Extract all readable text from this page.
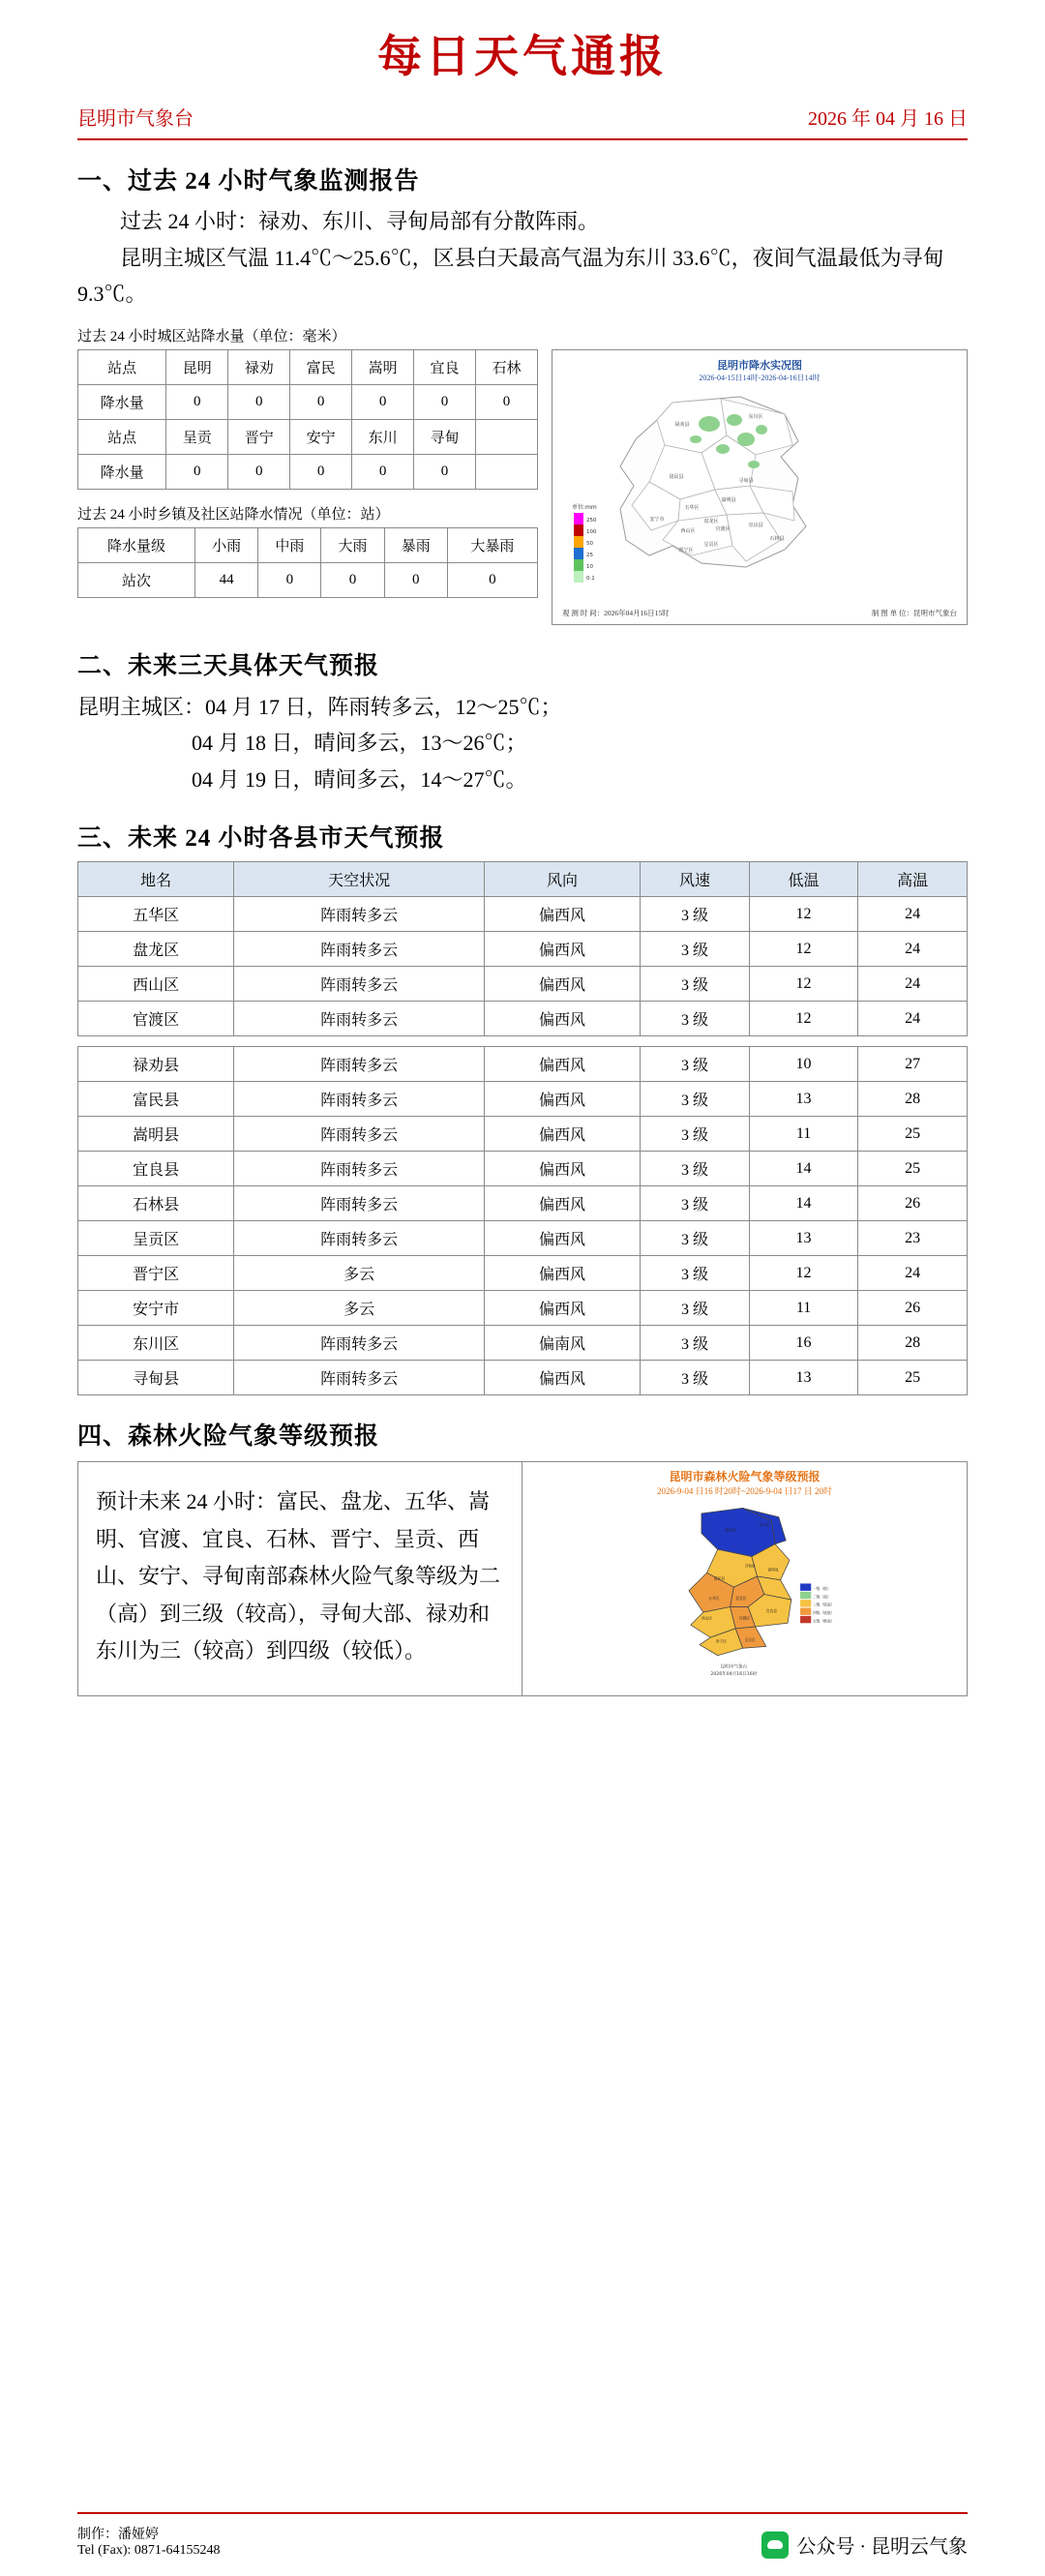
每日天气通报
昆明市气象台	2026 年 04 月 16 日
一、过去 24 小时气象监测报告

过去 24 小时：禄劝、东川、寻甸局部有分散阵雨。

昆明主城区气温 11.4℃～25.6℃，区县白天最高气温为东川 33.6℃，夜间气温最低为寻甸 9.3℃。

过去 24 小时城区站降水量（单位：毫米）
站点	昆明	禄劝	富民	嵩明	宜良	石林
降水量	0	0	0	0	0	0
站点	呈贡	晋宁	安宁	东川	寻甸	
降水量	0	0	0	0	0	
过去 24 小时乡镇及社区站降水情况（单位：站）
降水量级	小雨	中雨	大雨	暴雨	大暴雨
站次	44	0	0	0	0
昆明市降水实况图
2026-04-15日14时-2026-04-16日14时
禄劝县
东川区
寻甸县
富民县
嵩明县
五华区
盘龙区
西山区	官渡区
安宁市
呈贡区
晋宁区
宜良县
石林县
单位:mm
250
100
50
25
10
0.1
观 测 时 间：2026年04月16日15时	制 图 单 位：昆明市气象台
二、未来三天具体天气预报
昆明主城区：04 月 17 日，阵雨转多云，12～25℃；
04 月 18 日，晴间多云，13～26℃；
04 月 19 日，晴间多云，14～27℃。
三、未来 24 小时各县市天气预报
地名	天空状况	风向	风速	低温	高温
五华区	阵雨转多云	偏西风	3 级	12	24
盘龙区	阵雨转多云	偏西风	3 级	12	24
西山区	阵雨转多云	偏西风	3 级	12	24
官渡区	阵雨转多云	偏西风	3 级	12	24

禄劝县	阵雨转多云	偏西风	3 级	10	27
富民县	阵雨转多云	偏西风	3 级	13	28
嵩明县	阵雨转多云	偏西风	3 级	11	25
宜良县	阵雨转多云	偏西风	3 级	14	25
石林县	阵雨转多云	偏西风	3 级	14	26
呈贡区	阵雨转多云	偏西风	3 级	13	23
晋宁区	多云	偏西风	3 级	12	24
安宁市	多云	偏西风	3 级	11	26
东川区	阵雨转多云	偏南风	3 级	16	28
寻甸县	阵雨转多云	偏西风	3 级	13	25
四、森林火险气象等级预报
预计未来 24 小时：富民、盘龙、五华、嵩明、官渡、宜良、石林、晋宁、呈贡、西山、安宁、寻甸南部森林火险气象等级为二（高）到三级（较高），寻甸大部、禄劝和东川为三（较高）到四级（较低）。
昆明市森林火险气象等级预报
2026-9-04 日16 时20时~2026-9-04 日17 日 20时
禄劝县
东川区
寻甸县
富民县
嵩明县
五华区	盘龙区
西山区	官渡区
宜良县
晋宁区	呈贡区
一级（低）
二级（高）
三级（较高）
四级（较低）
五级（极高）
昆明市气象台
2026年04月16日16时
制作：潘娅婷
Tel (Fax): 0871-64155248	公众号 · 昆明云气象
